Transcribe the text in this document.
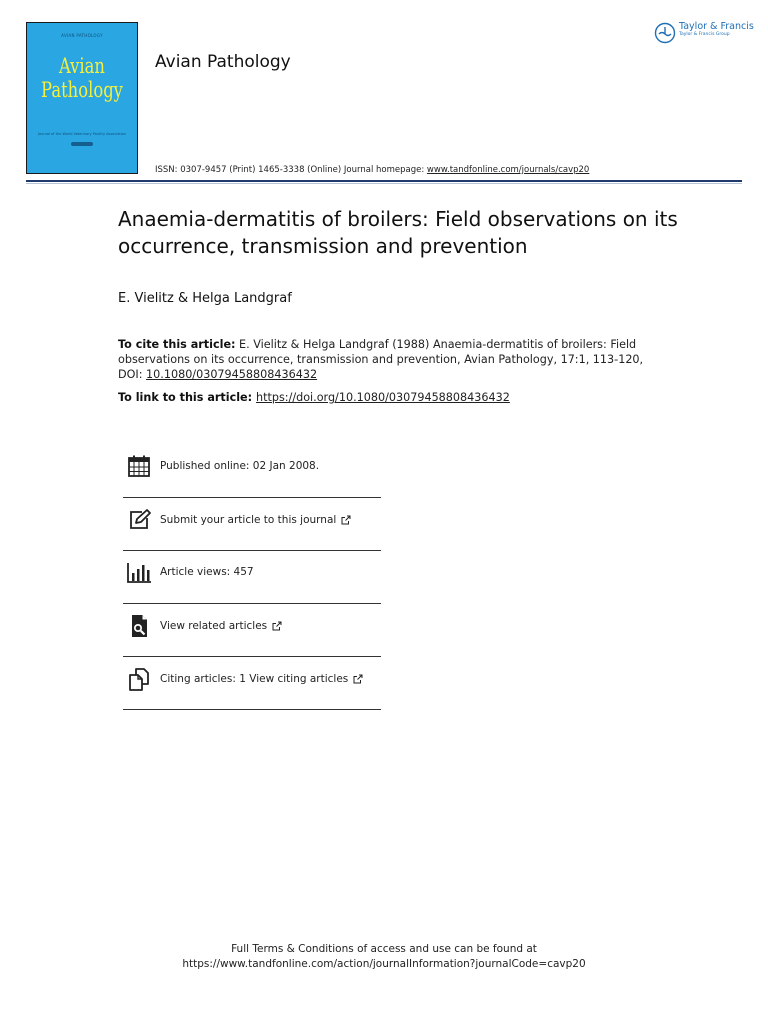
AVIAN PATHOLOGY
Avian
Pathology
Journal of the World Veterinary Poultry Association
Avian Pathology
Taylor & Francis
Taylor & Francis Group
ISSN: 0307-9457 (Print) 1465-3338 (Online) Journal homepage: www.tandfonline.com/journals/cavp20
Anaemia-dermatitis of broilers: Field observations on its occurrence, transmission and prevention
E. Vielitz & Helga Landgraf
To cite this article: E. Vielitz & Helga Landgraf (1988) Anaemia-dermatitis of broilers: Field observations on its occurrence, transmission and prevention, Avian Pathology, 17:1, 113-120, DOI: 10.1080/03079458808436432
To link to this article: https://doi.org/10.1080/03079458808436432
Published online: 02 Jan 2008.
Submit your article to this journal
Article views: 457
View related articles
Citing articles: 1 View citing articles
Full Terms & Conditions of access and use can be found at
https://www.tandfonline.com/action/journalInformation?journalCode=cavp20
